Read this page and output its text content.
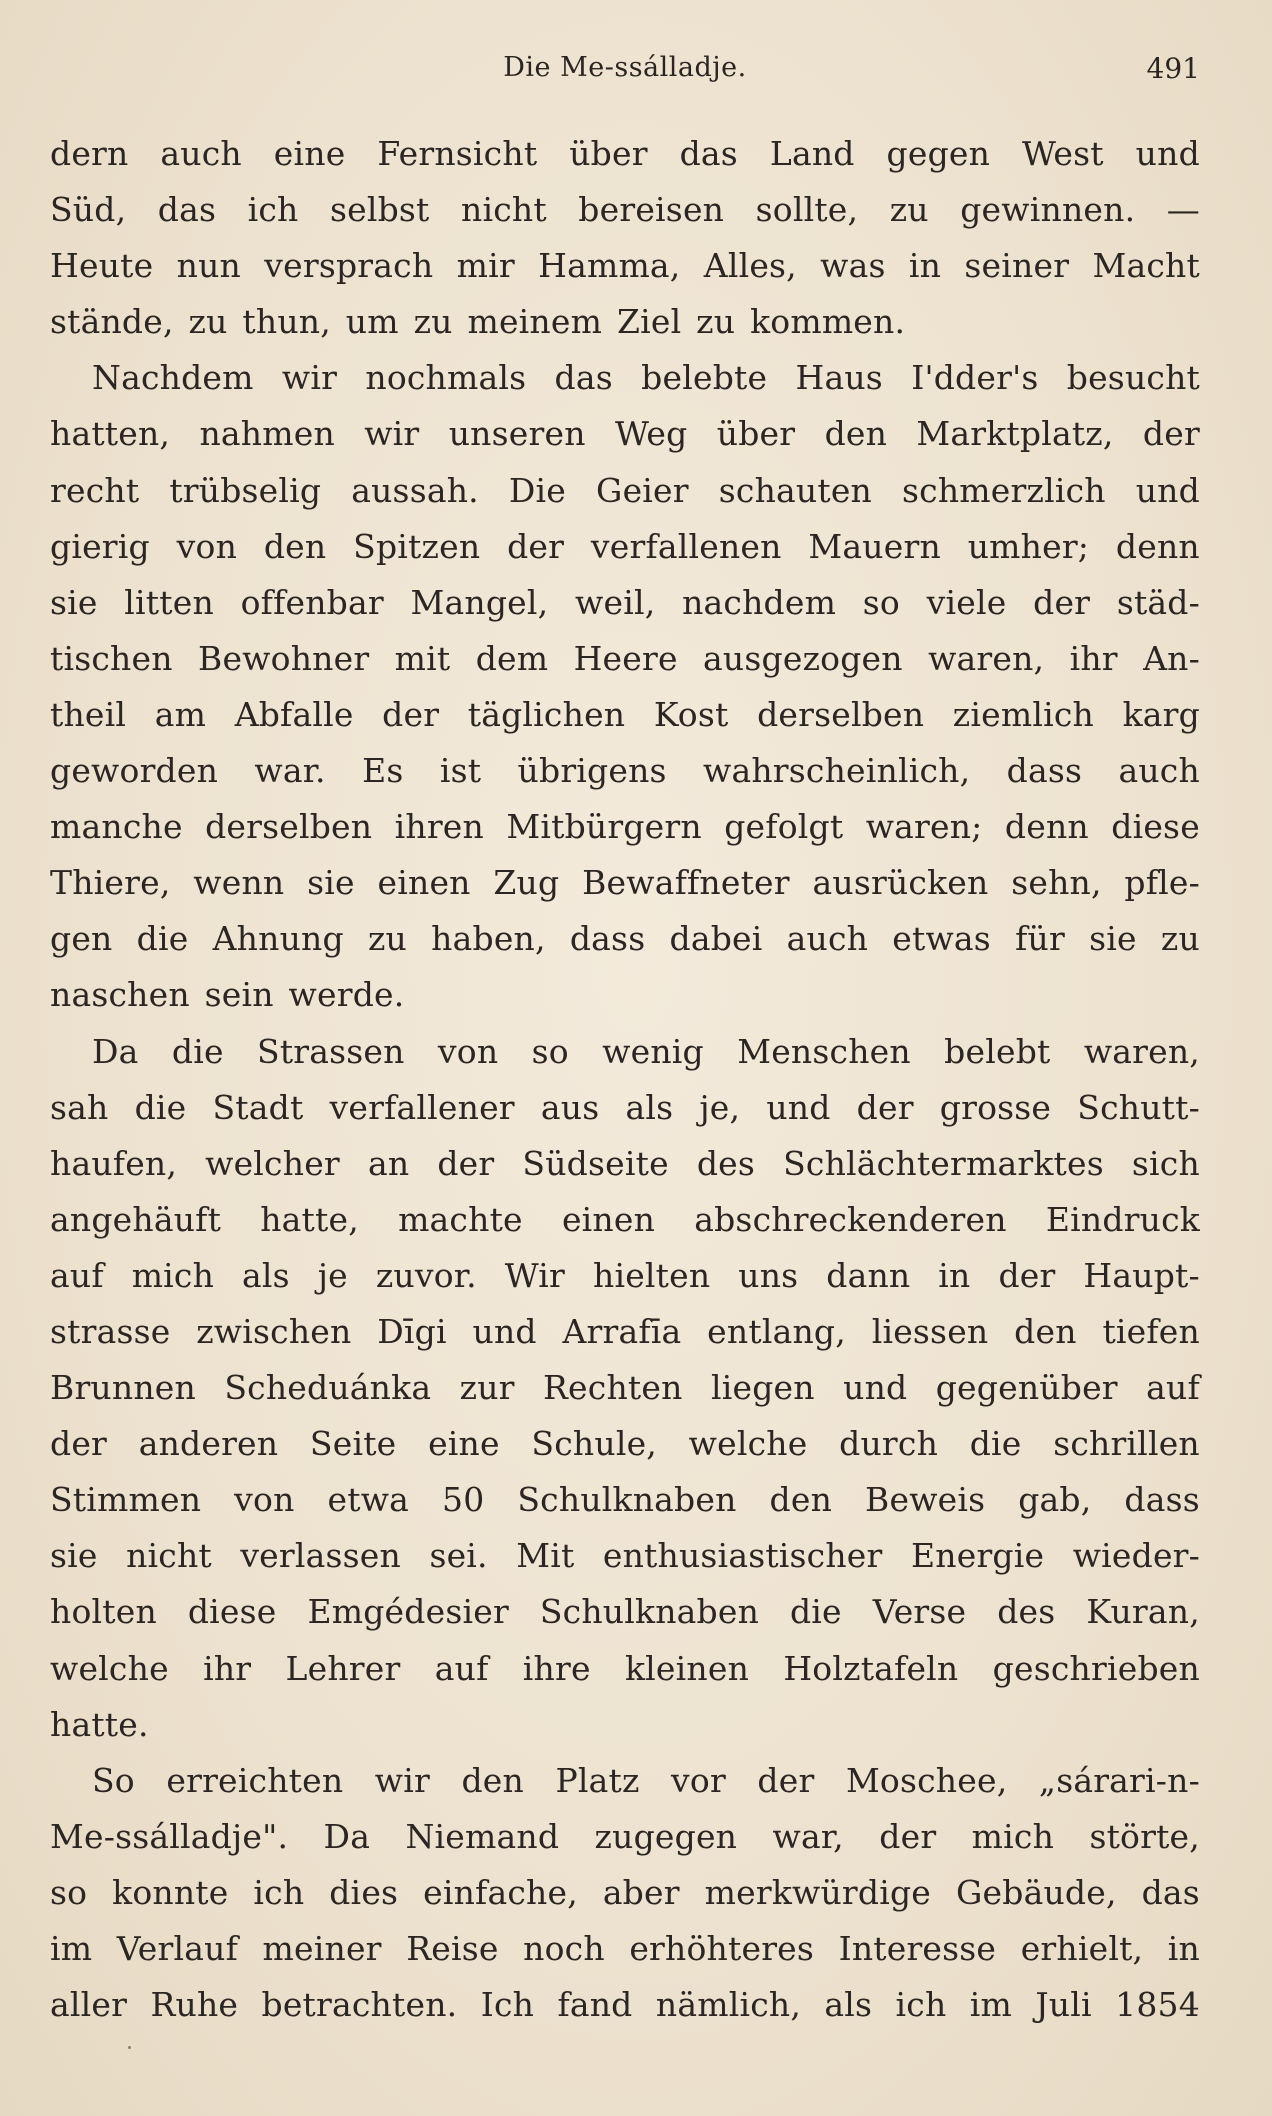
Die Me-ssálladje.	491
dern auch eine Fernsicht über das Land gegen West und
Süd, das ich selbst nicht bereisen sollte, zu gewinnen. —
Heute nun versprach mir Hamma, Alles, was in seiner Macht
stände, zu thun, um zu meinem Ziel zu kommen.
Nachdem wir nochmals das belebte Haus I'dder's besucht
hatten, nahmen wir unseren Weg über den Marktplatz, der
recht trübselig aussah. Die Geier schauten schmerzlich und
gierig von den Spitzen der verfallenen Mauern umher; denn
sie litten offenbar Mangel, weil, nachdem so viele der städ-
tischen Bewohner mit dem Heere ausgezogen waren, ihr An-
theil am Abfalle der täglichen Kost derselben ziemlich karg
geworden war. Es ist übrigens wahrscheinlich, dass auch
manche derselben ihren Mitbürgern gefolgt waren; denn diese
Thiere, wenn sie einen Zug Bewaffneter ausrücken sehn, pfle-
gen die Ahnung zu haben, dass dabei auch etwas für sie zu
naschen sein werde.
Da die Strassen von so wenig Menschen belebt waren,
sah die Stadt verfallener aus als je, und der grosse Schutt-
haufen, welcher an der Südseite des Schlächtermarktes sich
angehäuft hatte, machte einen abschreckenderen Eindruck
auf mich als je zuvor. Wir hielten uns dann in der Haupt-
strasse zwischen Dīgi und Arrafīa entlang, liessen den tiefen
Brunnen Scheduánka zur Rechten liegen und gegenüber auf
der anderen Seite eine Schule, welche durch die schrillen
Stimmen von etwa 50 Schulknaben den Beweis gab, dass
sie nicht verlassen sei. Mit enthusiastischer Energie wieder-
holten diese Emgédesier Schulknaben die Verse des Kuran,
welche ihr Lehrer auf ihre kleinen Holztafeln geschrieben
hatte.
So erreichten wir den Platz vor der Moschee, „sárari-n-
Me-ssálladje". Da Niemand zugegen war, der mich störte,
so konnte ich dies einfache, aber merkwürdige Gebäude, das
im Verlauf meiner Reise noch erhöhteres Interesse erhielt, in
aller Ruhe betrachten. Ich fand nämlich, als ich im Juli 1854
